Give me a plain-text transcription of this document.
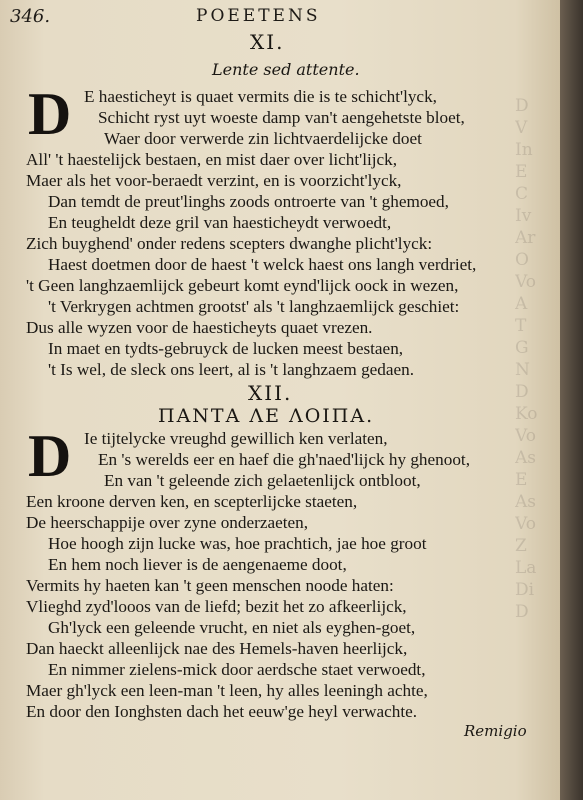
D
V
In
E
C
Iv
Ar
O
Vo
A
T
G
N
D
Ko
Vo
As
E
As
Vo
Z
La
Di
D
346.	POEETENS
XI.
Lente sed attente.
D E haesticheyt is quaet vermits die is te schicht'lyck,
Schicht ryst uyt woeste damp van't aengehetste bloet,
Waer door verwerde zin lichtvaerdelijcke doet
All' 't haestelijck bestaen, en mist daer over licht'lijck,
Maer als het voor-beraedt verzint, en is voorzicht'lyck,
Dan temdt de preut'linghs zoods ontroerte van 't ghemoed,
En teugheldt deze gril van haesticheydt verwoedt,
Zich buyghend' onder redens scepters dwanghe plicht'lyck:
Haest doetmen door de haest 't welck haest ons langh verdriet,
't Geen langhzaemlijck gebeurt komt eynd'lijck oock in wezen,
't Verkrygen achtmen grootst' als 't langhzaemlijck geschiet:
Dus alle wyzen voor de haesticheyts quaet vrezen.
In maet en tydts-gebruyck de lucken meest bestaen,
't Is wel, de sleck ons leert, al is 't langhzaem gedaen.
XII.
ΠΑΝΤΑ ΛΕ ΛΟΙΠΑ.
D Ie tijtelycke vreughd gewillich ken verlaten,
En 's werelds eer en haef die gh'naed'lijck hy ghenoot,
En van 't geleende zich gelaetenlijck ontbloot,
Een kroone derven ken, en scepterlijcke staeten,
De heerschappije over zyne onderzaeten,
Hoe hoogh zijn lucke was, hoe prachtich, jae hoe groot
En hem noch liever is de aengenaeme doot,
Vermits hy haeten kan 't geen menschen noode haten:
Vlieghd zyd'looos van de liefd; bezit het zo afkeerlijck,
Gh'lyck een geleende vrucht, en niet als eyghen-goet,
Dan haeckt alleenlijck nae des Hemels-haven heerlijck,
En nimmer zielens-mick door aerdsche staet verwoedt,
Maer gh'lyck een leen-man 't leen, hy alles leeningh achte,
En door den Ionghsten dach het eeuw'ge heyl verwachte.
Remigio
